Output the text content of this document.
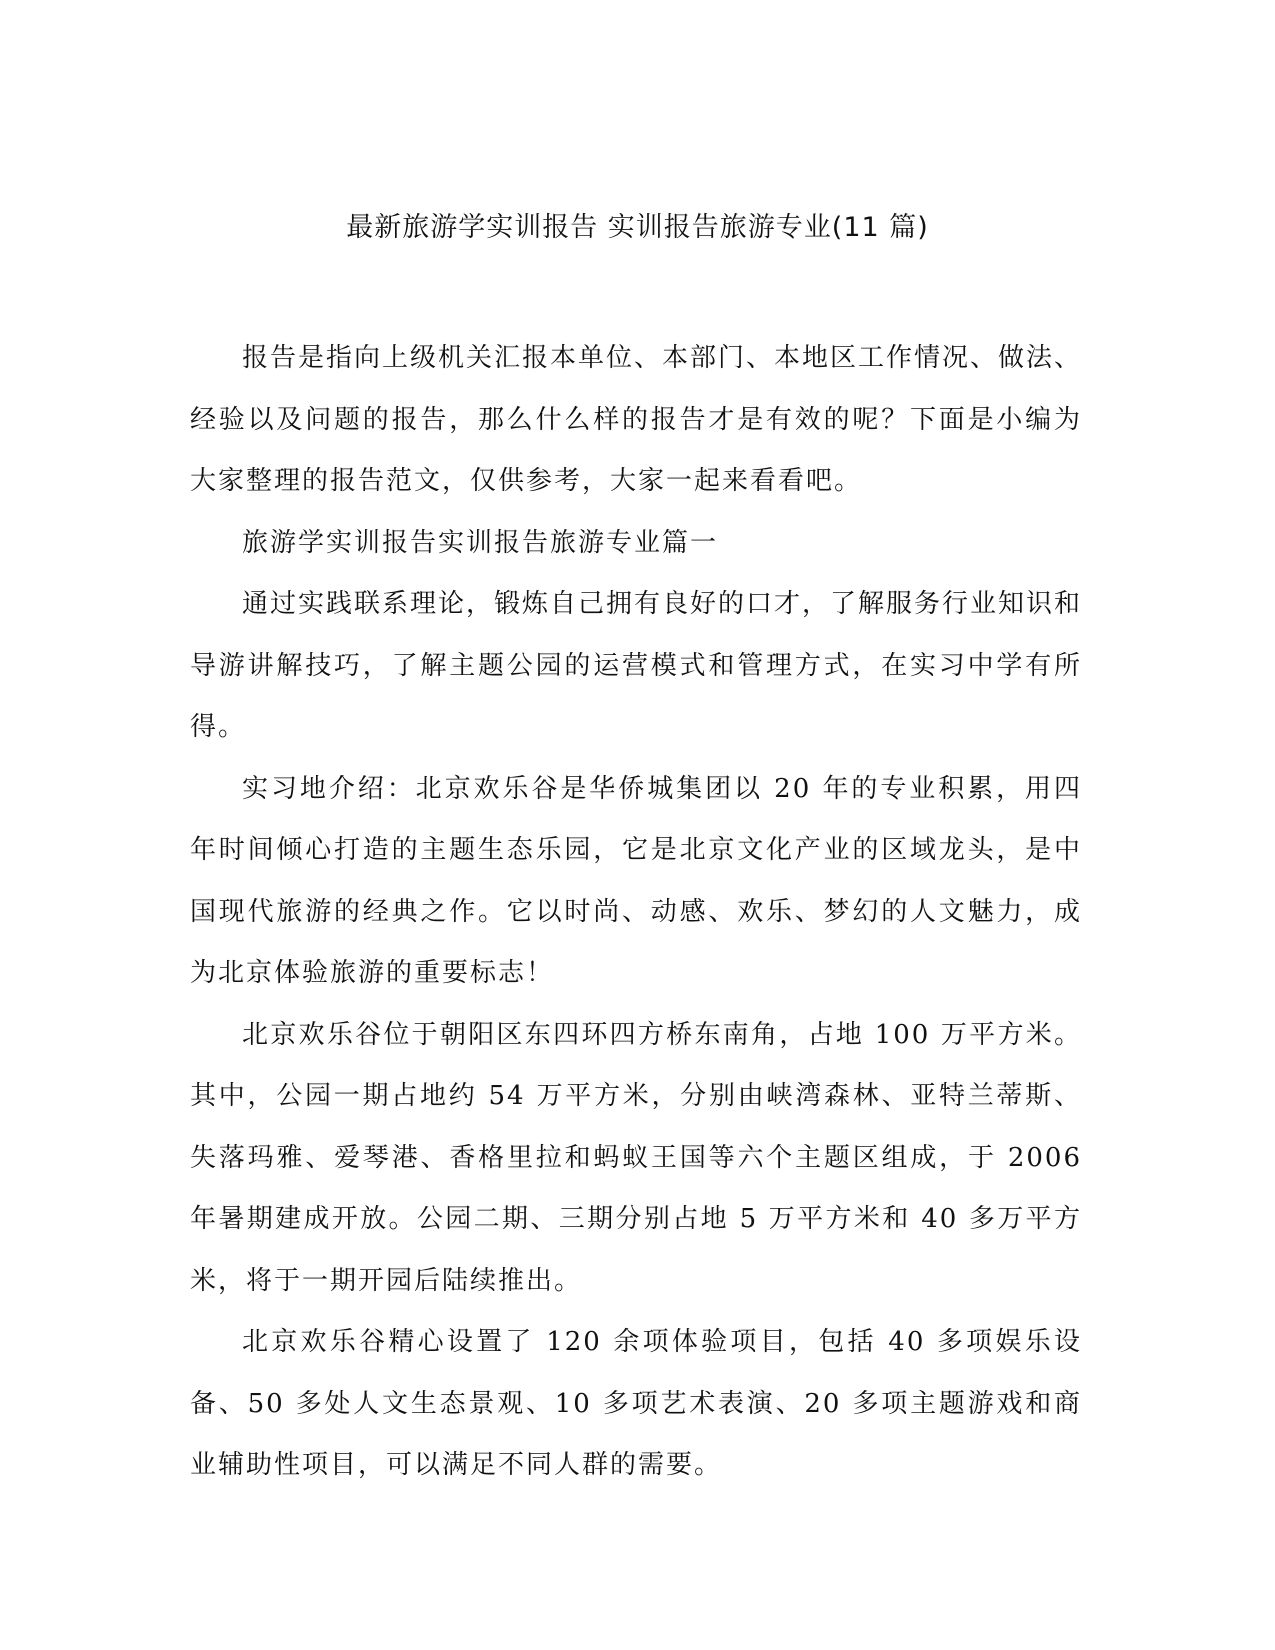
最新旅游学实训报告 实训报告旅游专业(11 篇)

报告是指向上级机关汇报本单位、本部门、本地区工作情况、做法、经验以及问题的报告，那么什么样的报告才是有效的呢？下面是小编为大家整理的报告范文，仅供参考，大家一起来看看吧。

旅游学实训报告实训报告旅游专业篇一

通过实践联系理论，锻炼自己拥有良好的口才，了解服务行业知识和导游讲解技巧，了解主题公园的运营模式和管理方式，在实习中学有所得。

实习地介绍：北京欢乐谷是华侨城集团以 20 年的专业积累，用四年时间倾心打造的主题生态乐园，它是北京文化产业的区域龙头，是中国现代旅游的经典之作。它以时尚、动感、欢乐、梦幻的人文魅力，成为北京体验旅游的重要标志！

北京欢乐谷位于朝阳区东四环四方桥东南角，占地 100 万平方米。其中，公园一期占地约 54 万平方米，分别由峡湾森林、亚特兰蒂斯、失落玛雅、爱琴港、香格里拉和蚂蚁王国等六个主题区组成，于 2006 年暑期建成开放。公园二期、三期分别占地 5 万平方米和 40 多万平方米，将于一期开园后陆续推出。

北京欢乐谷精心设置了 120 余项体验项目，包括 40 多项娱乐设备、50 多处人文生态景观、10 多项艺术表演、20 多项主题游戏和商业辅助性项目，可以满足不同人群的需要。
